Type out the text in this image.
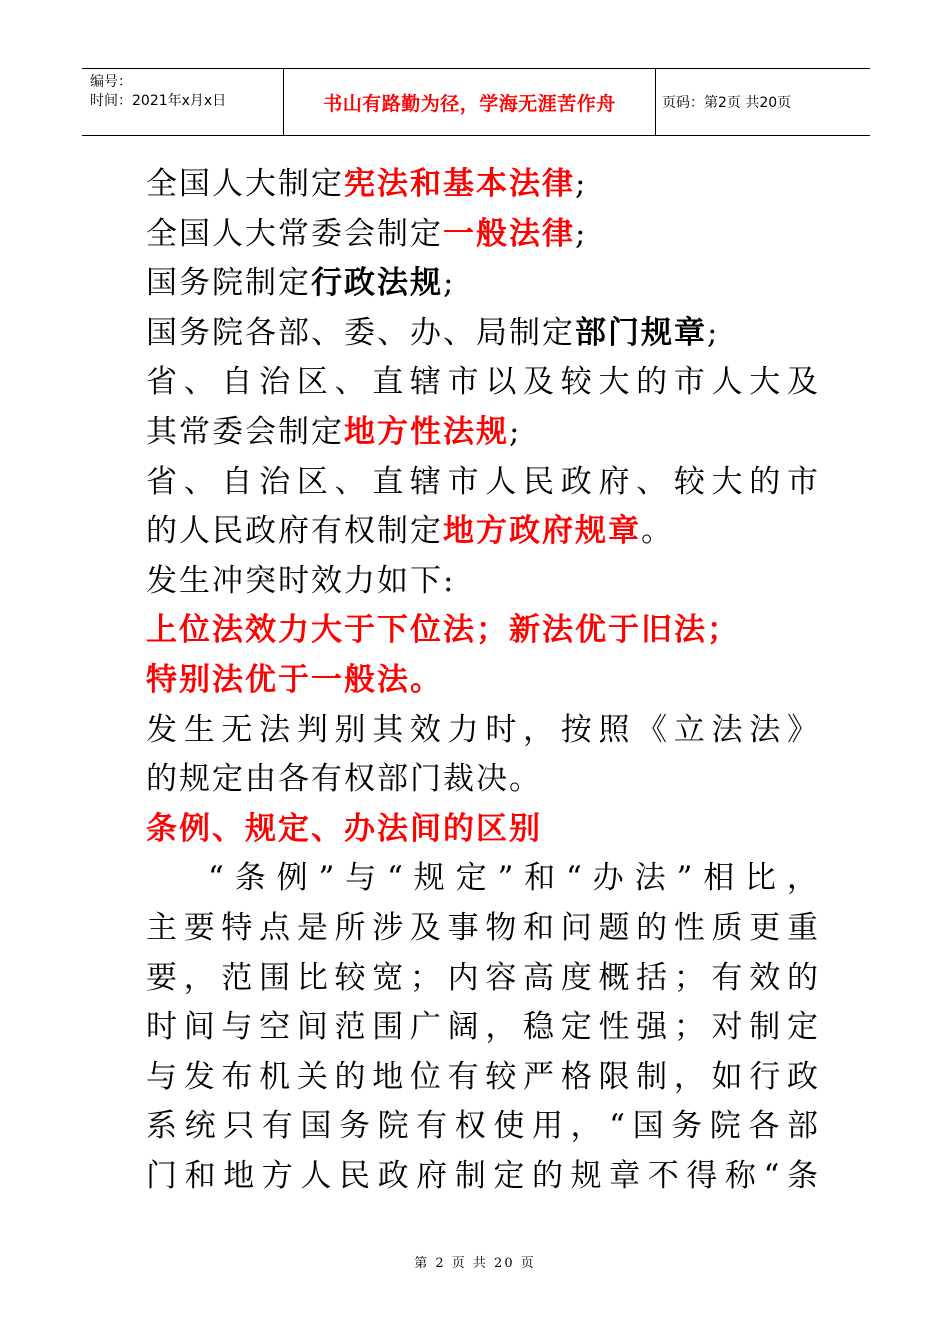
编号：
时间：2021年x月x日	书山有路勤为径，学海无涯苦作舟	页码：第2页 共20页
全国人大制定宪法和基本法律;
全国人大常委会制定一般法律;
国务院制定行政法规;
国务院各部、委、办、局制定部门规章;
省 、 自 治 区 、 直 辖 市 以 及 较 大 的 市 人 大 及
其常委会制定地方性法规;
省 、 自 治 区 、 直 辖 市 人 民 政 府 、 较 大 的 市
的人民政府有权制定地方政府规章。
发生冲突时效力如下:
上位法效力大于下位法；新法优于旧法；
特别法优于一般法。
发 生 无 法 判 别 其 效 力 时 ， 按 照 《 立 法 法 》
的规定由各有权部门裁决。
条例、规定、办法间的区别
“ 条 例 ” 与 “ 规 定 ” 和 “ 办 法 ” 相 比 ，
主 要 特 点 是 所 涉 及 事 物 和 问 题 的 性 质 更 重
要 ， 范 围 比 较 宽 ； 内 容 高 度 概 括 ； 有 效 的
时 间 与 空 间 范 围 广 阔 ， 稳 定 性 强 ； 对 制 定
与 发 布 机 关 的 地 位 有 较 严 格 限 制 ， 如 行 政
系 统 只 有 国 务 院 有 权 使 用 ， “ 国 务 院 各 部
门 和 地 方 人 民 政 府 制 定 的 规 章 不 得 称 “ 条
第 2 页 共 20 页
